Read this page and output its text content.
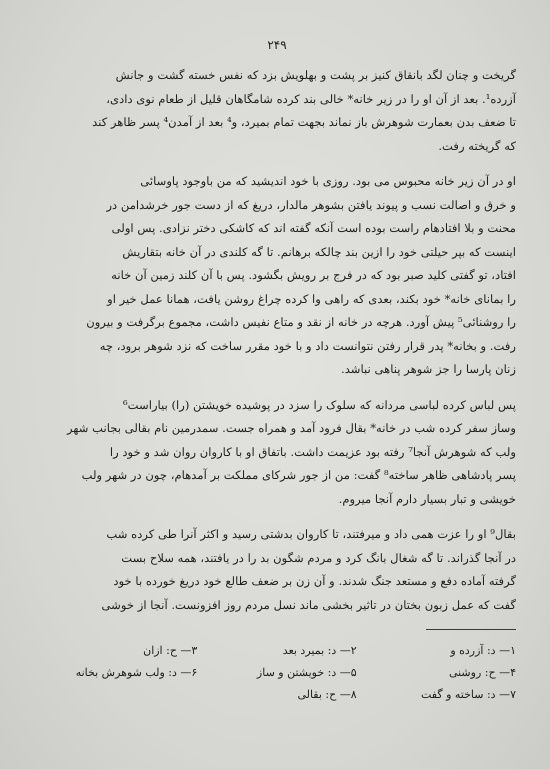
۲۴۹

گریخت و چنان لگد بانقاق کنیز بر پشت و بهلویش بزد که نفس خسته گشت و جانش

آزرده¹. بعد از آن او را در زیر خانه* خالی بند کرده شامگاهان قلیل از طعام نوی دادی،

تا ضعف بدن بعمارت شوهرش باز نماند بجهت تمام بمیرد، و⁴ بعد از آمدن⁴ پسر ظاهر کند

که گریخته رفت.

او در آن زیر خانه محبوس می بود. روزی با خود اندیشید که من باوجود پاوسائی

و خرق و اصالت نسب و پیوند یافتن بشوهر مالدار، دریغ که از دست جور خرشدامن در

محنت و بلا افتادهام راست بوده است آنکه گفته اند که کاشکی دختر نزادی. پس اولی

اینست که بپر حیلتی خود را ازین بند چالکه برهانم. تا گه کلندی در آن خانه بتقاریش

افتاد، تو گفتی کلید صبر بود که در فرج بر رویش بگشود. پس با آن کلند زمین آن خانه

را بمانای خانه* خود بکند، بعدی که راهی وا کرده چراغ روشن یافت، همانا عمل خیر او

را روشنائی⁵ پیش آورد. هرچه در خانه از نقد و متاع نفیس داشت، مجموع برگرفت و بیرون

رفت. و بخانه* پدر قرار رفتن نتوانست داد و با خود مقرر ساخت که نزد شوهر برود، چه

زنان پارسا را جز شوهر پناهی نباشد.

پس لباس کرده لباسی مردانه که سلوک را سزد در پوشیده خویشتن (را) بیاراست⁶

وساز سفر کرده شب در خانه* بقال فرود آمد و همراه جست. سمدرمین نام بقالی بجانب شهر

ولب که شوهرش آنجا⁷ رفته بود عزیمت داشت. باتفاق او با کاروان روان شد و خود را

پسر پادشاهی ظاهر ساخته⁸ گفت: من از جور شرکای مملکت بر آمدهام، چون در شهر ولب

خویشی و تبار بسیار دارم آنجا میروم.

بقال⁹ او را عزت همی داد و میرفتند، تا کاروان بدشتی رسید و اکثر آنرا طی کرده شب

در آنجا گذراند. تا گه شغال بانگ کرد و مردم شگون بد را در یافتند، همه سلاح بست

گرفته آماده دفع و مستعد جنگ شدند. و آن زن بر ضعف طالع خود دریغ خورده با خود

گفت که عمل زبون بختان در تاثیر بخشی ماند نسل مردم روز افزونست. آنجا از خوشی

۱— د: آزرده و
۲— د: بمیرد بعد
۳— ح: ازان
۴— ح: روشنی
۵— د: خویشتن و ساز
۶— د: ولب شوهرش بخانه
۷— د: ساخته و گفت
۸— ح: بقالی
